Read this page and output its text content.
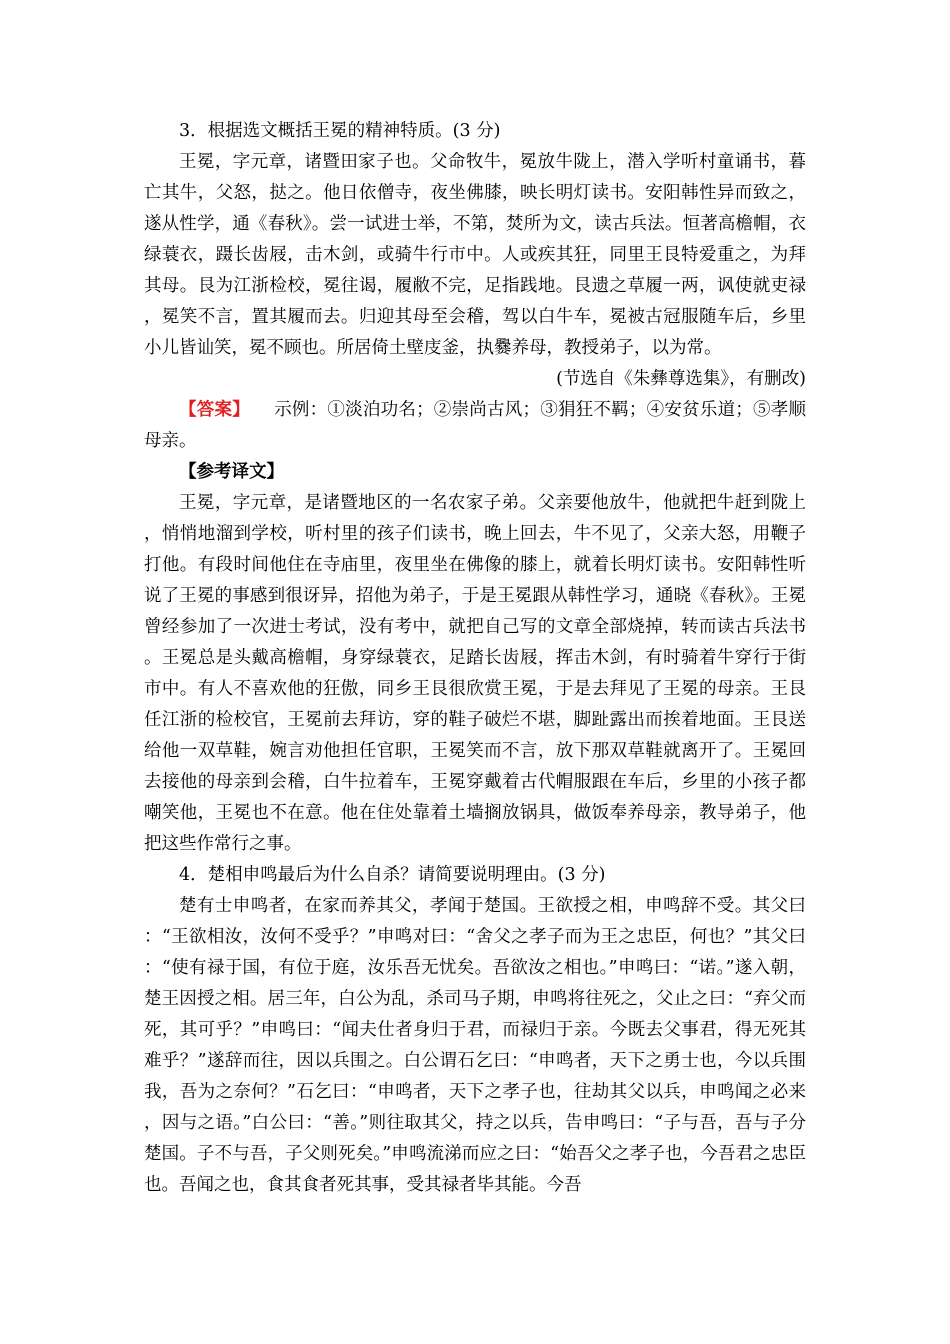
3．根据选文概括王冕的精神特质。(3 分)

王冕，字元章，诸暨田家子也。父命牧牛，冕放牛陇上，潜入学听村童诵书，暮亡其牛，父怒，挞之。他日依僧寺，夜坐佛膝，映长明灯读书。安阳韩性异而致之，遂从性学，通《春秋》。尝一试进士举，不第，焚所为文，读古兵法。恒著高檐帽，衣绿蓑衣，蹑长齿屐，击木剑，或骑牛行市中。人或疾其狂，同里王艮特爱重之，为拜其母。艮为江浙检校，冕往谒，履敝不完，足指践地。艮遗之草履一两，讽使就吏禄，冕笑不言，置其履而去。归迎其母至会稽，驾以白牛车，冕被古冠服随车后，乡里小儿皆讪笑，冕不顾也。所居倚土壁庋釜，执爨养母，教授弟子，以为常。

(节选自《朱彝尊选集》，有删改)

【答案】 示例：①淡泊功名；②崇尚古风；③狷狂不羁；④安贫乐道；⑤孝顺母亲。

【参考译文】

王冕，字元章，是诸暨地区的一名农家子弟。父亲要他放牛，他就把牛赶到陇上，悄悄地溜到学校，听村里的孩子们读书，晚上回去，牛不见了，父亲大怒，用鞭子打他。有段时间他住在寺庙里，夜里坐在佛像的膝上，就着长明灯读书。安阳韩性听说了王冕的事感到很讶异，招他为弟子，于是王冕跟从韩性学习，通晓《春秋》。王冕曾经参加了一次进士考试，没有考中，就把自己写的文章全部烧掉，转而读古兵法书。王冕总是头戴高檐帽，身穿绿蓑衣，足踏长齿屐，挥击木剑，有时骑着牛穿行于街市中。有人不喜欢他的狂傲，同乡王艮很欣赏王冕，于是去拜见了王冕的母亲。王艮任江浙的检校官，王冕前去拜访，穿的鞋子破烂不堪，脚趾露出而挨着地面。王艮送给他一双草鞋，婉言劝他担任官职，王冕笑而不言，放下那双草鞋就离开了。王冕回去接他的母亲到会稽，白牛拉着车，王冕穿戴着古代帽服跟在车后，乡里的小孩子都嘲笑他，王冕也不在意。他在住处靠着土墙搁放锅具，做饭奉养母亲，教导弟子，他把这些作常行之事。

4．楚相申鸣最后为什么自杀？请简要说明理由。(3 分)

楚有士申鸣者，在家而养其父，孝闻于楚国。王欲授之相，申鸣辞不受。其父曰：“王欲相汝，汝何不受乎？”申鸣对曰：“舍父之孝子而为王之忠臣，何也？”其父曰：“使有禄于国，有位于庭，汝乐吾无忧矣。吾欲汝之相也。”申鸣曰：“诺。”遂入朝，楚王因授之相。居三年，白公为乱，杀司马子期，申鸣将往死之，父止之曰：“弃父而死，其可乎？”申鸣曰：“闻夫仕者身归于君，而禄归于亲。今既去父事君，得无死其难乎？”遂辞而往，因以兵围之。白公谓石乞曰：“申鸣者，天下之勇士也，今以兵围我，吾为之奈何？”石乞曰：“申鸣者，天下之孝子也，往劫其父以兵，申鸣闻之必来，因与之语。”白公曰：“善。”则往取其父，持之以兵，告申鸣曰：“子与吾，吾与子分楚国。子不与吾，子父则死矣。”申鸣流涕而应之曰：“始吾父之孝子也，今吾君之忠臣也。吾闻之也，食其食者死其事，受其禄者毕其能。今吾
